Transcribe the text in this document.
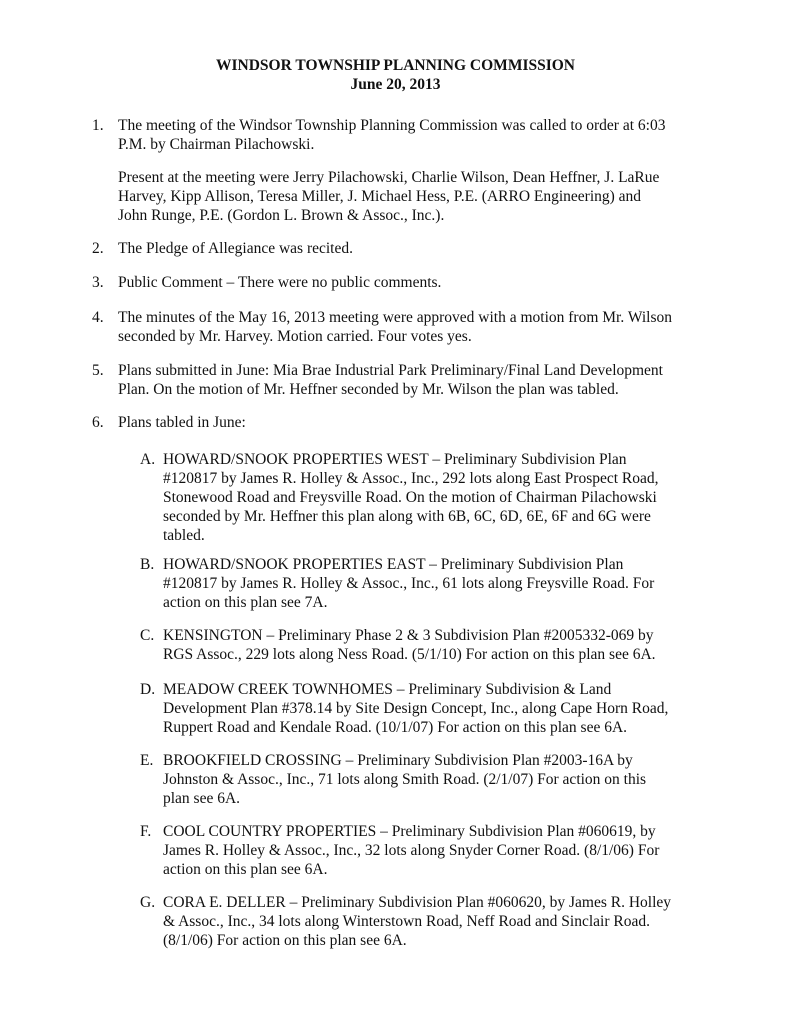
WINDSOR TOWNSHIP PLANNING COMMISSION
June 20, 2013
1. The meeting of the Windsor Township Planning Commission was called to order at 6:03

P.M. by Chairman Pilachowski.

Present at the meeting were Jerry Pilachowski, Charlie Wilson, Dean Heffner, J. LaRue

Harvey, Kipp Allison, Teresa Miller, J. Michael Hess, P.E. (ARRO Engineering) and

John Runge, P.E. (Gordon L. Brown & Assoc., Inc.).

2. The Pledge of Allegiance was recited.

3. Public Comment – There were no public comments.

4. The minutes of the May 16, 2013 meeting were approved with a motion from Mr. Wilson

seconded by Mr. Harvey. Motion carried. Four votes yes.

5. Plans submitted in June: Mia Brae Industrial Park Preliminary/Final Land Development

Plan. On the motion of Mr. Heffner seconded by Mr. Wilson the plan was tabled.

6. Plans tabled in June:

A. HOWARD/SNOOK PROPERTIES WEST – Preliminary Subdivision Plan

#120817 by James R. Holley & Assoc., Inc., 292 lots along East Prospect Road,

Stonewood Road and Freysville Road. On the motion of Chairman Pilachowski

seconded by Mr. Heffner this plan along with 6B, 6C, 6D, 6E, 6F and 6G were

tabled.

B. HOWARD/SNOOK PROPERTIES EAST – Preliminary Subdivision Plan

#120817 by James R. Holley & Assoc., Inc., 61 lots along Freysville Road. For

action on this plan see 7A.

C. KENSINGTON – Preliminary Phase 2 & 3 Subdivision Plan #2005332-069 by

RGS Assoc., 229 lots along Ness Road. (5/1/10) For action on this plan see 6A.

D. MEADOW CREEK TOWNHOMES – Preliminary Subdivision & Land

Development Plan #378.14 by Site Design Concept, Inc., along Cape Horn Road,

Ruppert Road and Kendale Road. (10/1/07) For action on this plan see 6A.

E. BROOKFIELD CROSSING – Preliminary Subdivision Plan #2003-16A by

Johnston & Assoc., Inc., 71 lots along Smith Road. (2/1/07) For action on this

plan see 6A.

F. COOL COUNTRY PROPERTIES – Preliminary Subdivision Plan #060619, by

James R. Holley & Assoc., Inc., 32 lots along Snyder Corner Road. (8/1/06) For

action on this plan see 6A.

G. CORA E. DELLER – Preliminary Subdivision Plan #060620, by James R. Holley

& Assoc., Inc., 34 lots along Winterstown Road, Neff Road and Sinclair Road.

(8/1/06) For action on this plan see 6A.
